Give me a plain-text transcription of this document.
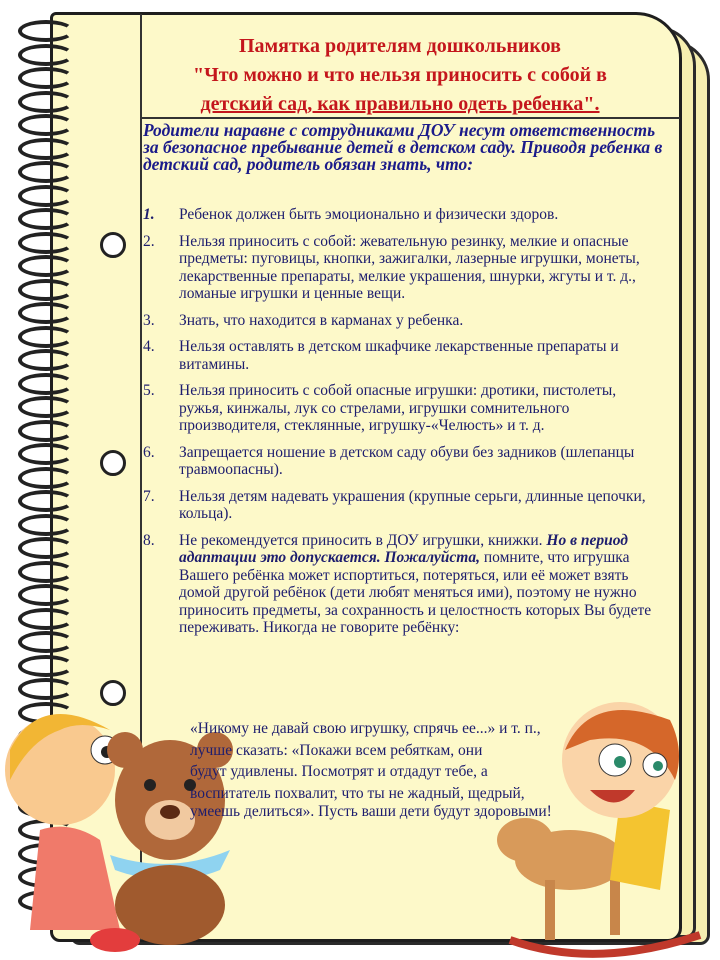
Памятка родителям дошкольников
"Что можно и что нельзя приносить с собой в
детский сад, как правильно одеть ребенка".
Родители наравне с сотрудниками ДОУ несут ответственность за безопасное пребывание детей в детском саду. Приводя ребенка в детский сад, родитель обязан знать, что:
1.	Ребенок должен быть эмоционально и физически здоров.
2.	Нельзя приносить с собой: жевательную резинку, мелкие и опасные предметы: пуговицы, кнопки, зажигалки, лазерные игрушки, монеты, лекарственные препараты, мелкие украшения, шнурки, жгуты и т. д., ломаные игрушки и ценные вещи.
3.	Знать, что находится в карманах у ребенка.
4.	Нельзя оставлять в детском шкафчике лекарственные препараты и витамины.
5.	Нельзя приносить с собой опасные игрушки: дротики, пистолеты, ружья, кинжалы, лук со стрелами, игрушки сомнительного производителя, стеклянные, игрушку-«Челюсть» и т. д.
6.	Запрещается ношение в детском саду обуви без задников (шлепанцы травмоопасны).
7.	Нельзя детям надевать украшения (крупные серьги, длинные цепочки, кольца).
8.	Не рекомендуется приносить в ДОУ игрушки, книжки. Но в период адаптации это допускается. Пожалуйста, помните, что игрушка Вашего ребёнка может испортиться, потеряться, или её может взять домой другой ребёнок (дети любят меняться ими), поэтому не нужно приносить предметы, за сохранность и целостность которых Вы будете переживать. Никогда не говорите ребёнку:
«Никому не давай свою игрушку, спрячь ее...» и т. п.,
лучше сказать: «Покажи всем ребяткам, они
будут удивлены. Посмотрят и отдадут тебе, а
воспитатель похвалит, что ты не жадный, щедрый,
умеешь делиться». Пусть ваши дети будут здоровыми!
